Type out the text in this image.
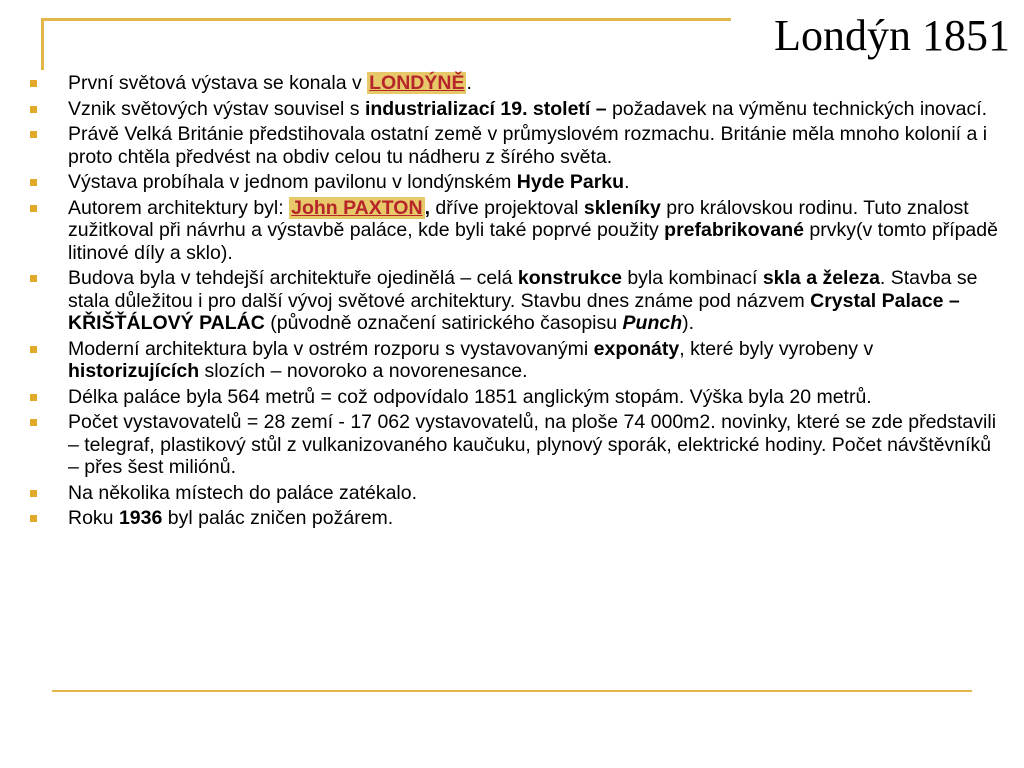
Londýn 1851
První světová výstava se konala v LONDÝNĚ .
Vznik světových výstav souvisel s industrializací 19. století – požadavek na výměnu technických inovací.
Právě Velká Británie předstihovala ostatní země v průmyslovém rozmachu. Británie měla mnoho kolonií a i proto chtěla předvést na obdiv celou tu nádheru z šírého světa.
Výstava probíhala v jednom pavilonu v londýnském Hyde Parku.
Autorem architektury byl: John PAXTON , dříve projektoval skleníky pro královskou rodinu. Tuto znalost zužitkoval při návrhu a výstavbě paláce, kde byli také poprvé použity prefabrikované prvky(v tomto případě litinové díly a sklo).
Budova byla v tehdejší architektuře ojedinělá – celá konstrukce byla kombinací skla a železa. Stavba se stala důležitou i pro další vývoj světové architektury. Stavbu dnes známe pod názvem Crystal Palace – KŘIŠŤÁLOVÝ PALÁC (původně označení satirického časopisu Punch).
Moderní architektura byla v ostrém rozporu s vystavovanými exponáty, které byly vyrobeny v historizujících slozích – novoroko a novorenesance.
Délka paláce byla 564 metrů = což odpovídalo 1851 anglickým stopám. Výška byla 20 metrů.
Počet vystavovatelů = 28 zemí - 17 062 vystavovatelů, na ploše 74 000m2. novinky, které se zde představili – telegraf, plastikový stůl z vulkanizovaného kaučuku, plynový sporák, elektrické hodiny. Počet návštěvníků – přes šest miliónů.
Na několika místech do paláce zatékalo.
Roku 1936 byl palác zničen požárem.
